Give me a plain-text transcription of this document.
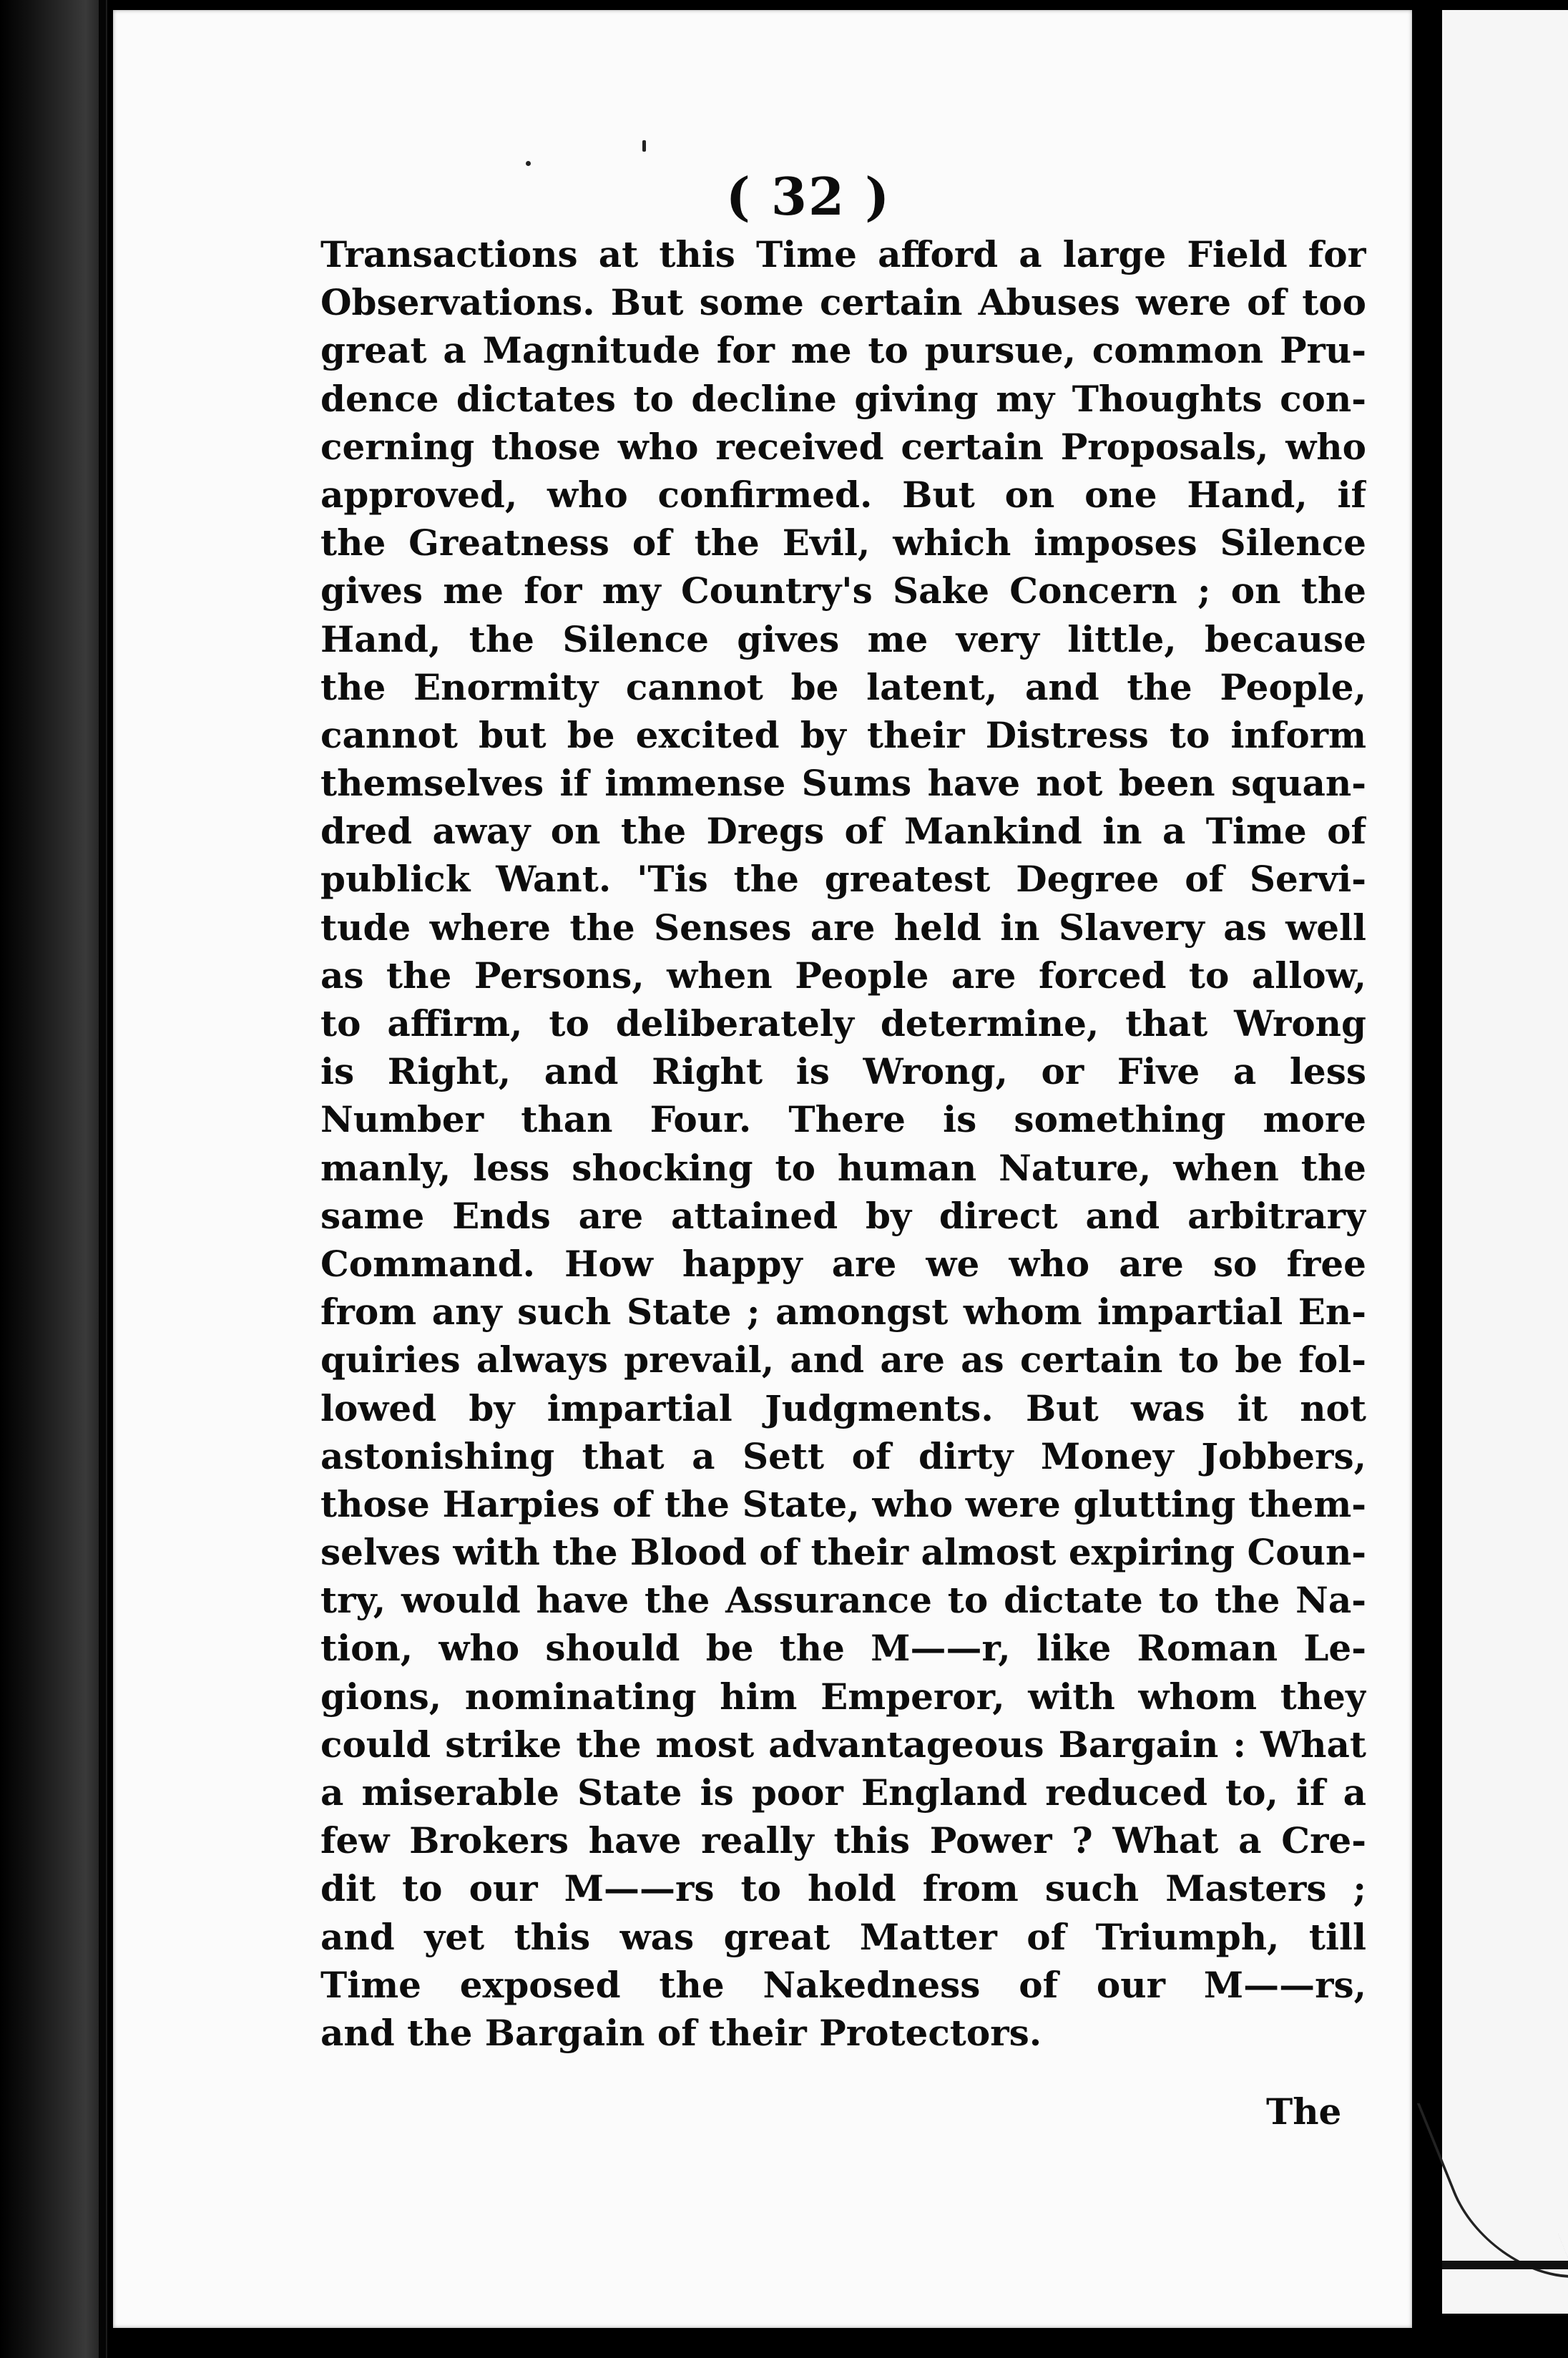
( 32 )
Transactions at this Time afford a large Field for
Observations. But some certain Abuses were of too
great a Magnitude for me to pursue, common Pru-
dence dictates to decline giving my Thoughts con-
cerning those who received certain Proposals, who
approved, who confirmed. But on one Hand, if
the Greatness of the Evil, which imposes Silence
gives me for my Country's Sake Concern ; on the
Hand, the Silence gives me very little, because
the Enormity cannot be latent, and the People,
cannot but be excited by their Distress to inform
themselves if immense Sums have not been squan-
dred away on the Dregs of Mankind in a Time of
publick Want. 'Tis the greatest Degree of Servi-
tude where the Senses are held in Slavery as well
as the Persons, when People are forced to allow,
to affirm, to deliberately determine, that Wrong
is Right, and Right is Wrong, or Five a less
Number than Four. There is something more
manly, less shocking to human Nature, when the
same Ends are attained by direct and arbitrary
Command. How happy are we who are so free
from any such State ; amongst whom impartial En-
quiries always prevail, and are as certain to be fol-
lowed by impartial Judgments. But was it not
astonishing that a Sett of dirty Money Jobbers,
those Harpies of the State, who were glutting them-
selves with the Blood of their almost expiring Coun-
try, would have the Assurance to dictate to the Na-
tion, who should be the M——r, like Roman Le-
gions, nominating him Emperor, with whom they
could strike the most advantageous Bargain : What
a miserable State is poor England reduced to, if a
few Brokers have really this Power ? What a Cre-
dit to our M——rs to hold from such Masters ;
and yet this was great Matter of Triumph, till
Time exposed the Nakedness of our M——rs,
and the Bargain of their Protectors.
The
